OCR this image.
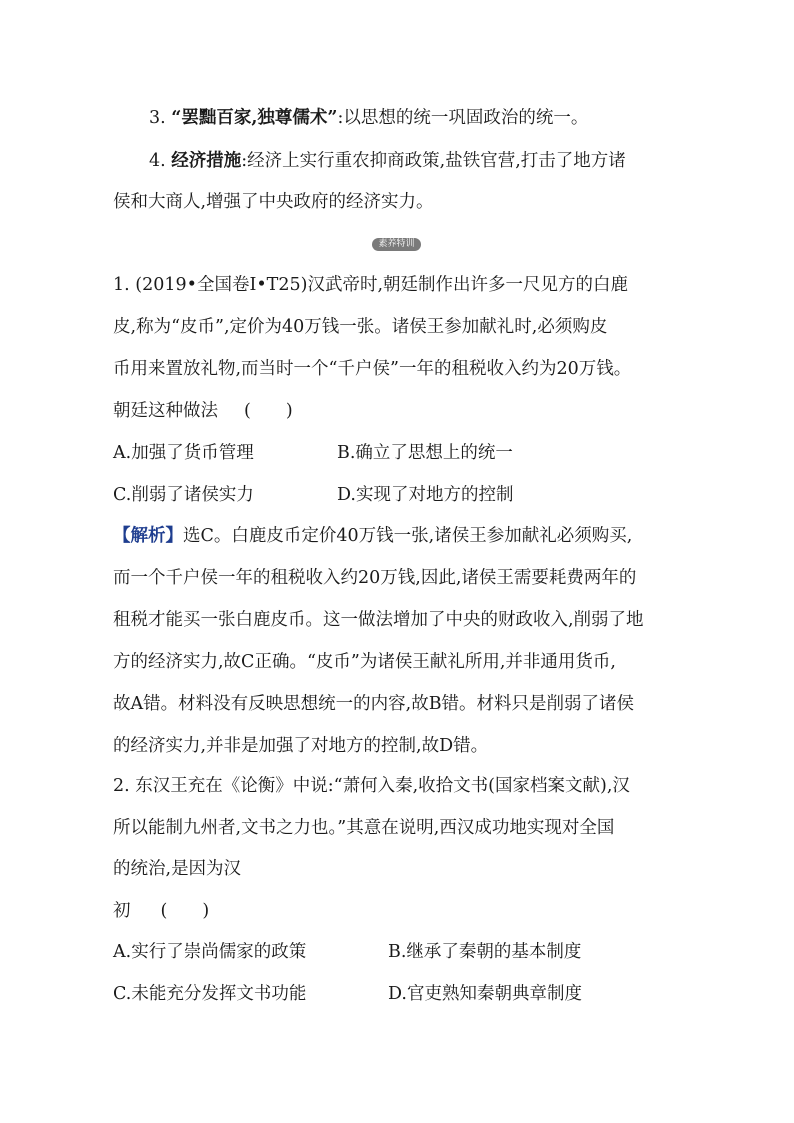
3. “罢黜百家,独尊儒术”:以思想的统一巩固政治的统一。
4. 经济措施:经济上实行重农抑商政策,盐铁官营,打击了地方诸
侯和大商人,增强了中央政府的经济实力。
素养特训
1. (2019•全国卷Ⅰ•T25)汉武帝时,朝廷制作出许多一尺见方的白鹿
皮,称为“皮币”,定价为40万钱一张。诸侯王参加献礼时,必须购皮
币用来置放礼物,而当时一个“千户侯”一年的租税收入约为20万钱。
朝廷这种做法 (　　)
A.加强了货币管理	B.确立了思想上的统一
C.削弱了诸侯实力	D.实现了对地方的控制
【解析】选C。白鹿皮币定价40万钱一张,诸侯王参加献礼必须购买,
而一个千户侯一年的租税收入约20万钱,因此,诸侯王需要耗费两年的
租税才能买一张白鹿皮币。这一做法增加了中央的财政收入,削弱了地
方的经济实力,故C正确。“皮币”为诸侯王献礼所用,并非通用货币,
故A错。材料没有反映思想统一的内容,故B错。材料只是削弱了诸侯
的经济实力,并非是加强了对地方的控制,故D错。
2. 东汉王充在《论衡》中说:“萧何入秦,收拾文书(国家档案文献),汉
所以能制九州者,文书之力也。”其意在说明,西汉成功地实现对全国
的统治,是因为汉
初 (　　)
A.实行了崇尚儒家的政策	B.继承了秦朝的基本制度
C.未能充分发挥文书功能	D.官吏熟知秦朝典章制度
